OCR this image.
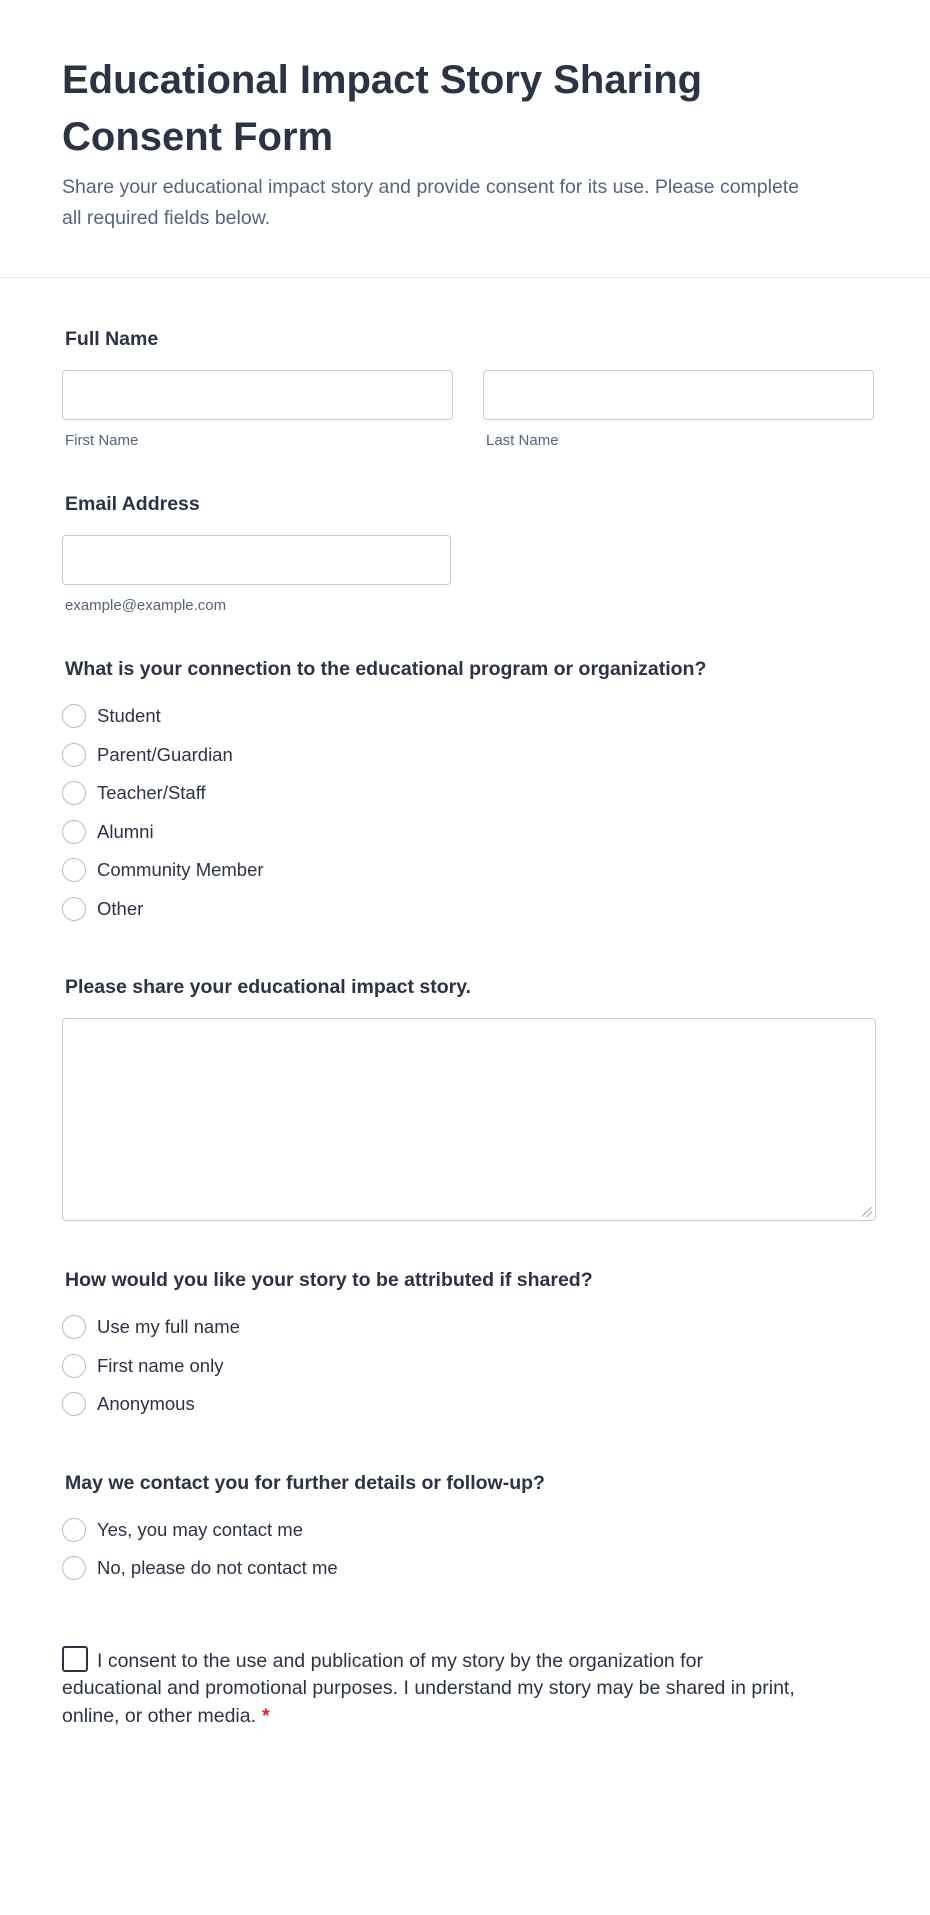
Educational Impact Story Sharing Consent Form

Share your educational impact story and provide consent for its use. Please complete all required fields below.

Full Name
First Name	Last Name
Email Address
example@example.com
What is your connection to the educational program or organization?
Student
Parent/Guardian
Teacher/Staff
Alumni
Community Member
Other
Please share your educational impact story.
How would you like your story to be attributed if shared?
Use my full name
First name only
Anonymous
May we contact you for further details or follow-up?
Yes, you may contact me
No, please do not contact me

I consent to the use and publication of my story by the organization for educational and promotional purposes. I understand my story may be shared in print, online, or other media. *
